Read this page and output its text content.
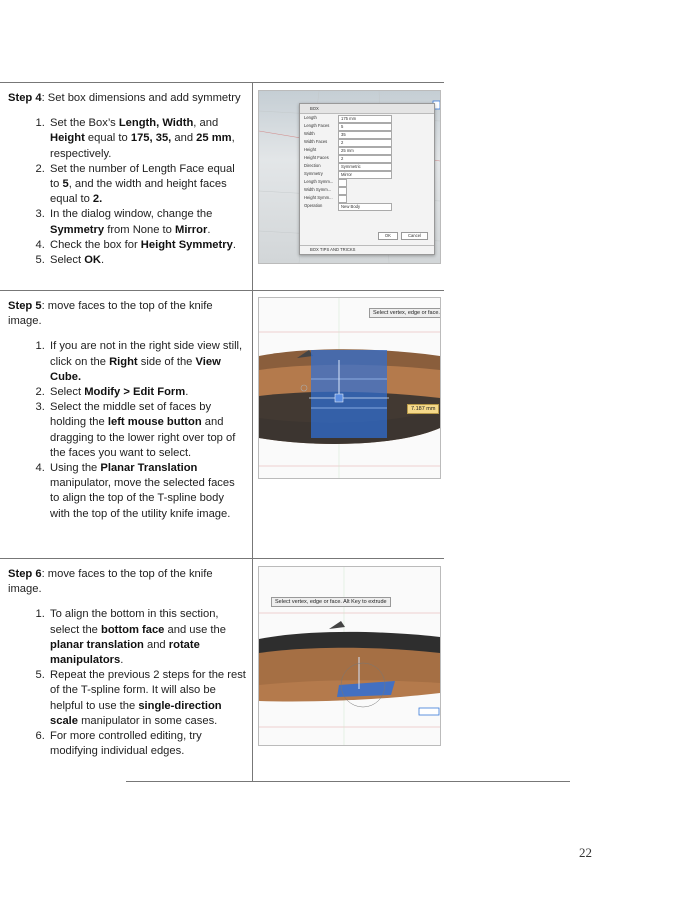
Step 4: Set box dimensions and add symmetry

1. Set the Box’s Length, Width, and Height equal to 175, 35, and 25 mm, respectively.
2. Set the number of Length Face equal to 5, and the width and height faces equal to 2.
3. In the dialog window, change the Symmetry from None to Mirror.
4. Check the box for Height Symmetry.
5. Select OK.
BOX
Length	175 mm
Length Faces	5
Width	35
Width Faces	2
Height	25 mm
Height Faces	2
Direction	Symmetric
Symmetry	Mirror
Length Symm...
Width Symm...
Height Symm...
Operation	New Body
OK	Cancel
BOX TIPS AND TRICKS

Step 5: move faces to the top of the knife image.

1. If you are not in the right side view still, click on the Right side of the View Cube.
2. Select Modify > Edit Form.
3. Select the middle set of faces by holding the left mouse button and dragging to the lower right over top of the faces you want to select.
4. Using the Planar Translation manipulator, move the selected faces to align the top of the T-spline body with the top of the utility knife image.
Select vertex, edge or face.
7.187 mm

Step 6: move faces to the top of the knife image.

1. To align the bottom in this section, select the bottom face and use the planar translation and rotate manipulators.
5. Repeat the previous 2 steps for the rest of the T-spline form. It will also be helpful to use the single-direction scale manipulator in some cases.
6. For more controlled editing, try modifying individual edges.
Select vertex, edge or face. Alt Key to extrude
22
